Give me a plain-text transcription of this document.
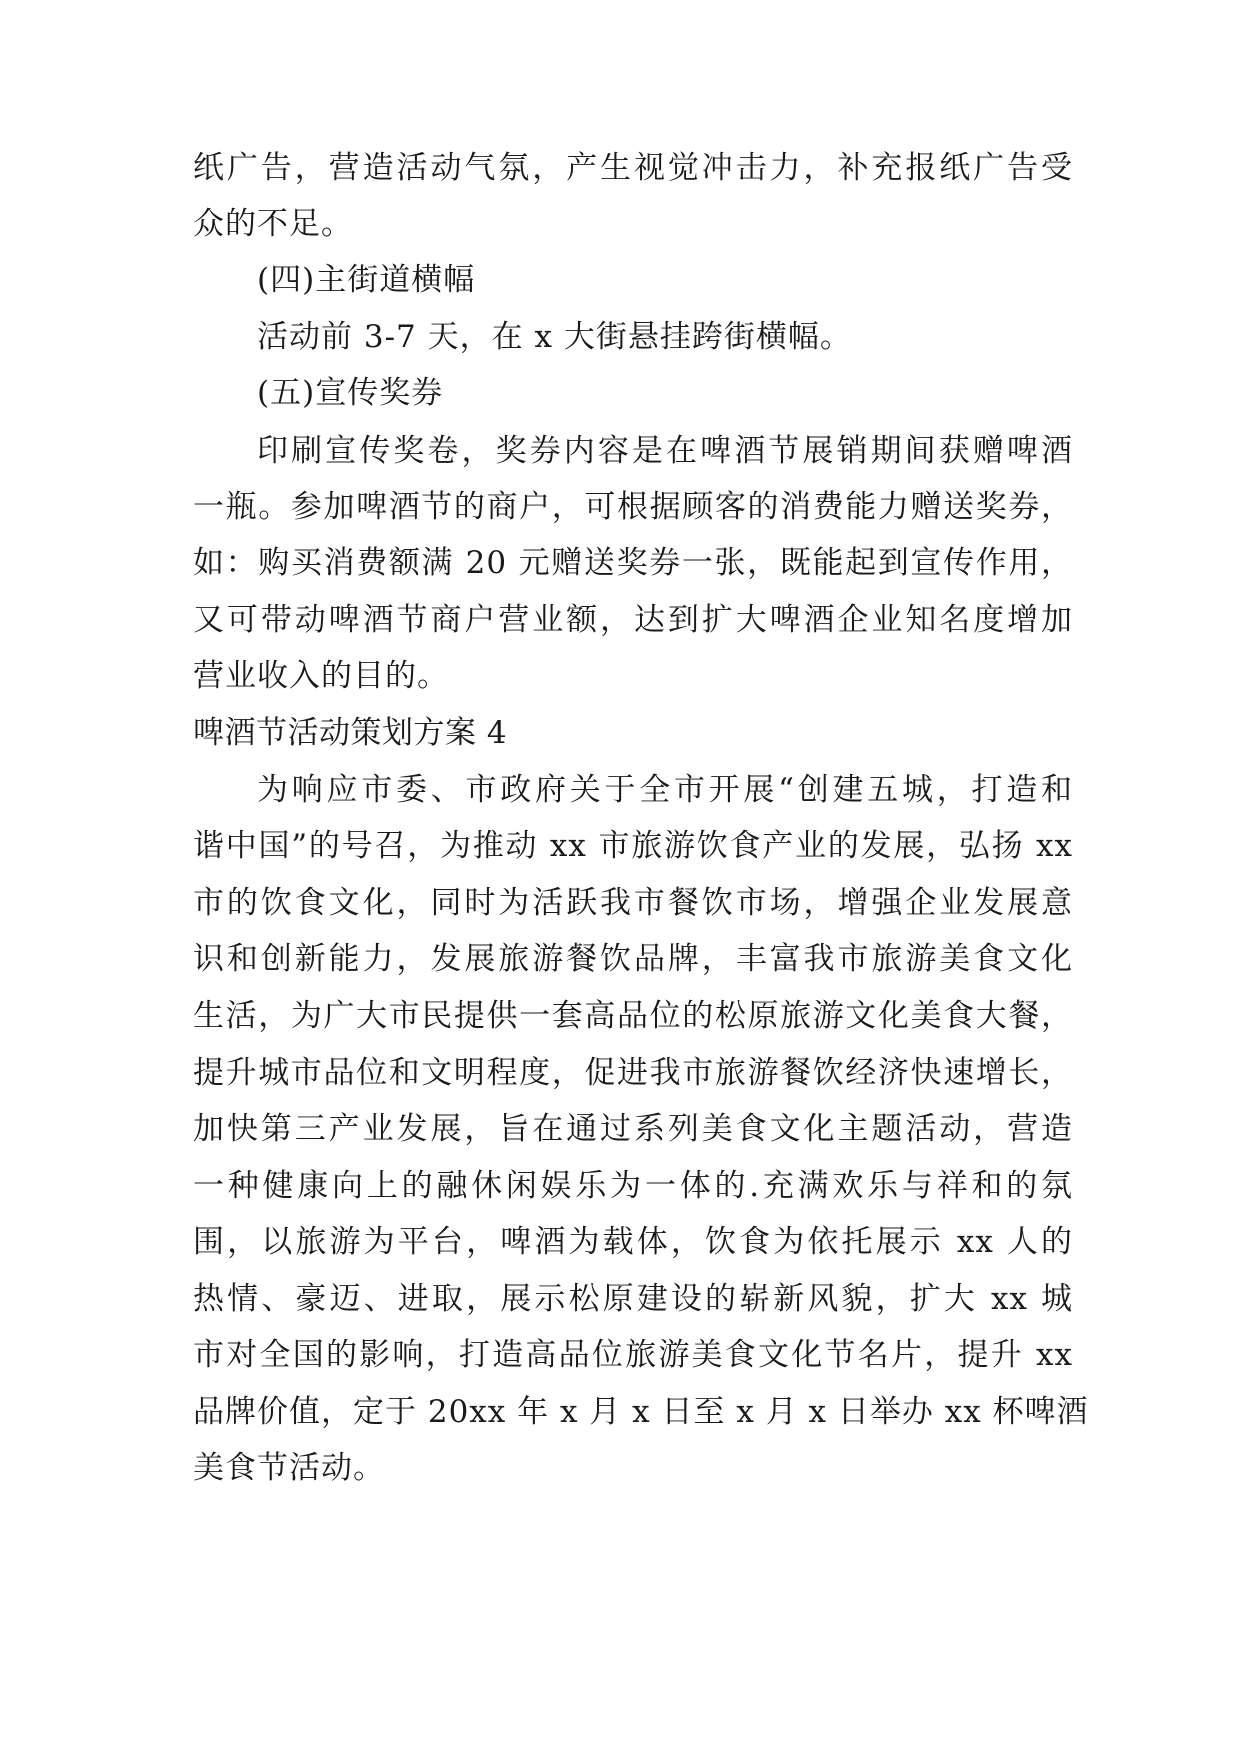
纸广告，营造活动气氛，产生视觉冲击力，补充报纸广告受
众的不足。
(四)主街道横幅
活动前 3-7 天，在 x 大街悬挂跨街横幅。
(五)宣传奖券
印刷宣传奖卷，奖券内容是在啤酒节展销期间获赠啤酒
一瓶。参加啤酒节的商户，可根据顾客的消费能力赠送奖券，
如：购买消费额满 20 元赠送奖券一张，既能起到宣传作用，
又可带动啤酒节商户营业额，达到扩大啤酒企业知名度增加
营业收入的目的。
啤酒节活动策划方案 4
为响应市委、市政府关于全市开展“创建五城，打造和
谐中国”的号召，为推动 xx 市旅游饮食产业的发展，弘扬 xx
市的饮食文化，同时为活跃我市餐饮市场，增强企业发展意
识和创新能力，发展旅游餐饮品牌，丰富我市旅游美食文化
生活，为广大市民提供一套高品位的松原旅游文化美食大餐，
提升城市品位和文明程度，促进我市旅游餐饮经济快速增长，
加快第三产业发展，旨在通过系列美食文化主题活动，营造
一种健康向上的融休闲娱乐为一体的.充满欢乐与祥和的氛
围，以旅游为平台，啤酒为载体，饮食为依托展示 xx 人的
热情、豪迈、进取，展示松原建设的崭新风貌，扩大 xx 城
市对全国的影响，打造高品位旅游美食文化节名片，提升 xx
品牌价值，定于 20xx 年 x 月 x 日至 x 月 x 日举办 xx 杯啤酒
美食节活动。
